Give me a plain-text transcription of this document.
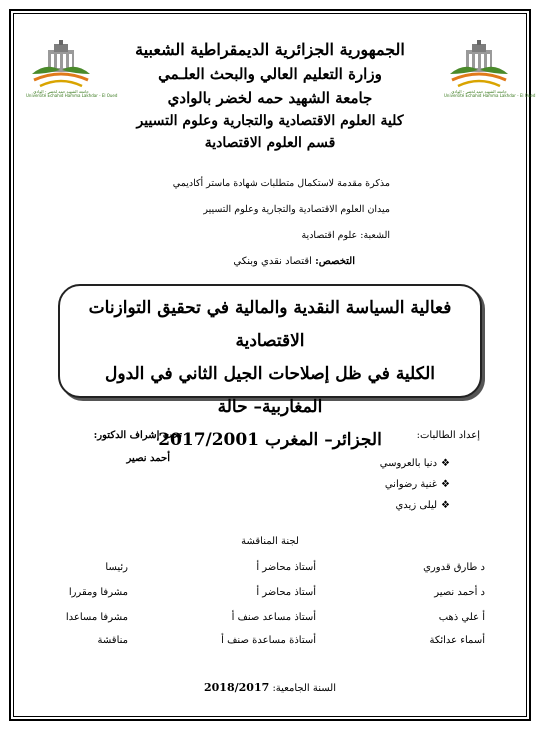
جامعة الشهيد حمه لخضر - الوادي
Université Echahid Hamma Lakhdar - El Oued
جامعة الشهيد حمه لخضر - الوادي
Université Echahid Hamma Lakhdar - El Oued
الجمهورية الجزائرية الديمقراطية الشعبية
وزارة التعليم العالي والبحث العلـمي
جامعة الشهيد حمه لخضر بالوادي
كلية العلوم الاقتصادية والتجارية وعلوم التسيير
قسم العلوم الاقتصادية
مذكرة مقدمة لاستكمال متطلبات شهادة ماستر أكاديمي
ميدان العلوم الاقتصادية والتجارية وعلوم التسيير
الشعبة: علوم اقتصادية
التخصص: اقتصاد نقدي وبنكي
فعالية السياسة النقدية والمالية في تحقيق التوازنات الاقتصادية
الكلية في ظل إصلاحات الجيل الثاني في الدول المغاربية– حالة
الجزائر– المغرب 2017/2001	إعداد الطالبات:
تحت إشراف الدكتور:
أحمد نصير	❖دنيا بالعروسي
❖غنية رضواني
❖ليلى زيدي
لجنة المناقشة
د طارق قدوري
أستاذ محاضر أ
رئيسا
د أحمد نصير
أستاذ محاضر أ
مشرفا ومقررا
أ علي ذهب
أستاذ مساعد صنف أ
مشرفا مساعدا
أسماء عدائكة
أستاذة مساعدة صنف أ
مناقشة
السنة الجامعية: 2018/2017
